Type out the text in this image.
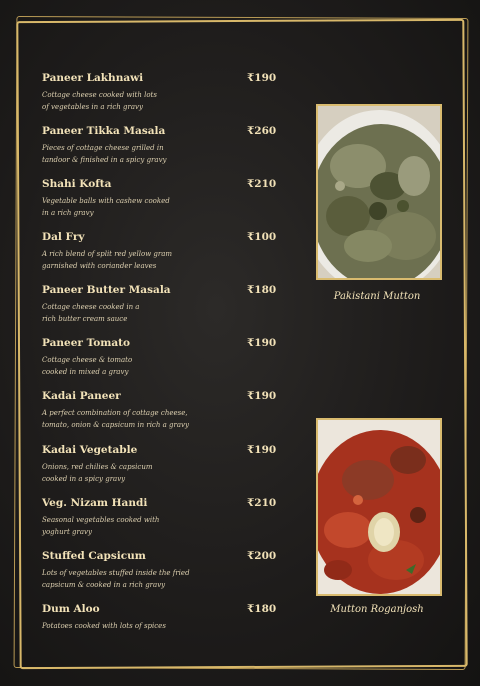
Paneer Lakhnawi	₹190
Cottage cheese cooked with lots of vegetables in a rich gravy
Paneer Tikka Masala	₹260
Pieces of cottage cheese grilled in tandoor & finished in a spicy gravy
Shahi Kofta	₹210
Vegetable balls with cashew cooked in a rich gravy
Dal Fry	₹100
A rich blend of split red yellow gram garnished with coriander leaves
Paneer Butter Masala	₹180
Cottage cheese cooked in a rich butter cream sauce
Paneer Tomato	₹190
Cottage cheese & tomato cooked in mixed a gravy
Kadai Paneer	₹190
A perfect combination of cottage cheese, tomato, onion & capsicum in rich a gravy
Kadai Vegetable	₹190
Onions, red chilies & capsicum cooked in a spicy gravy
Veg. Nizam Handi	₹210
Seasonal vegetables cooked with yoghurt gravy
Stuffed Capsicum	₹200
Lots of vegetables stuffed inside the fried capsicum & cooked in a rich gravy
Dum Aloo	₹180
Potatoes cooked with lots of spices
Pakistani Mutton
Mutton Roganjosh
